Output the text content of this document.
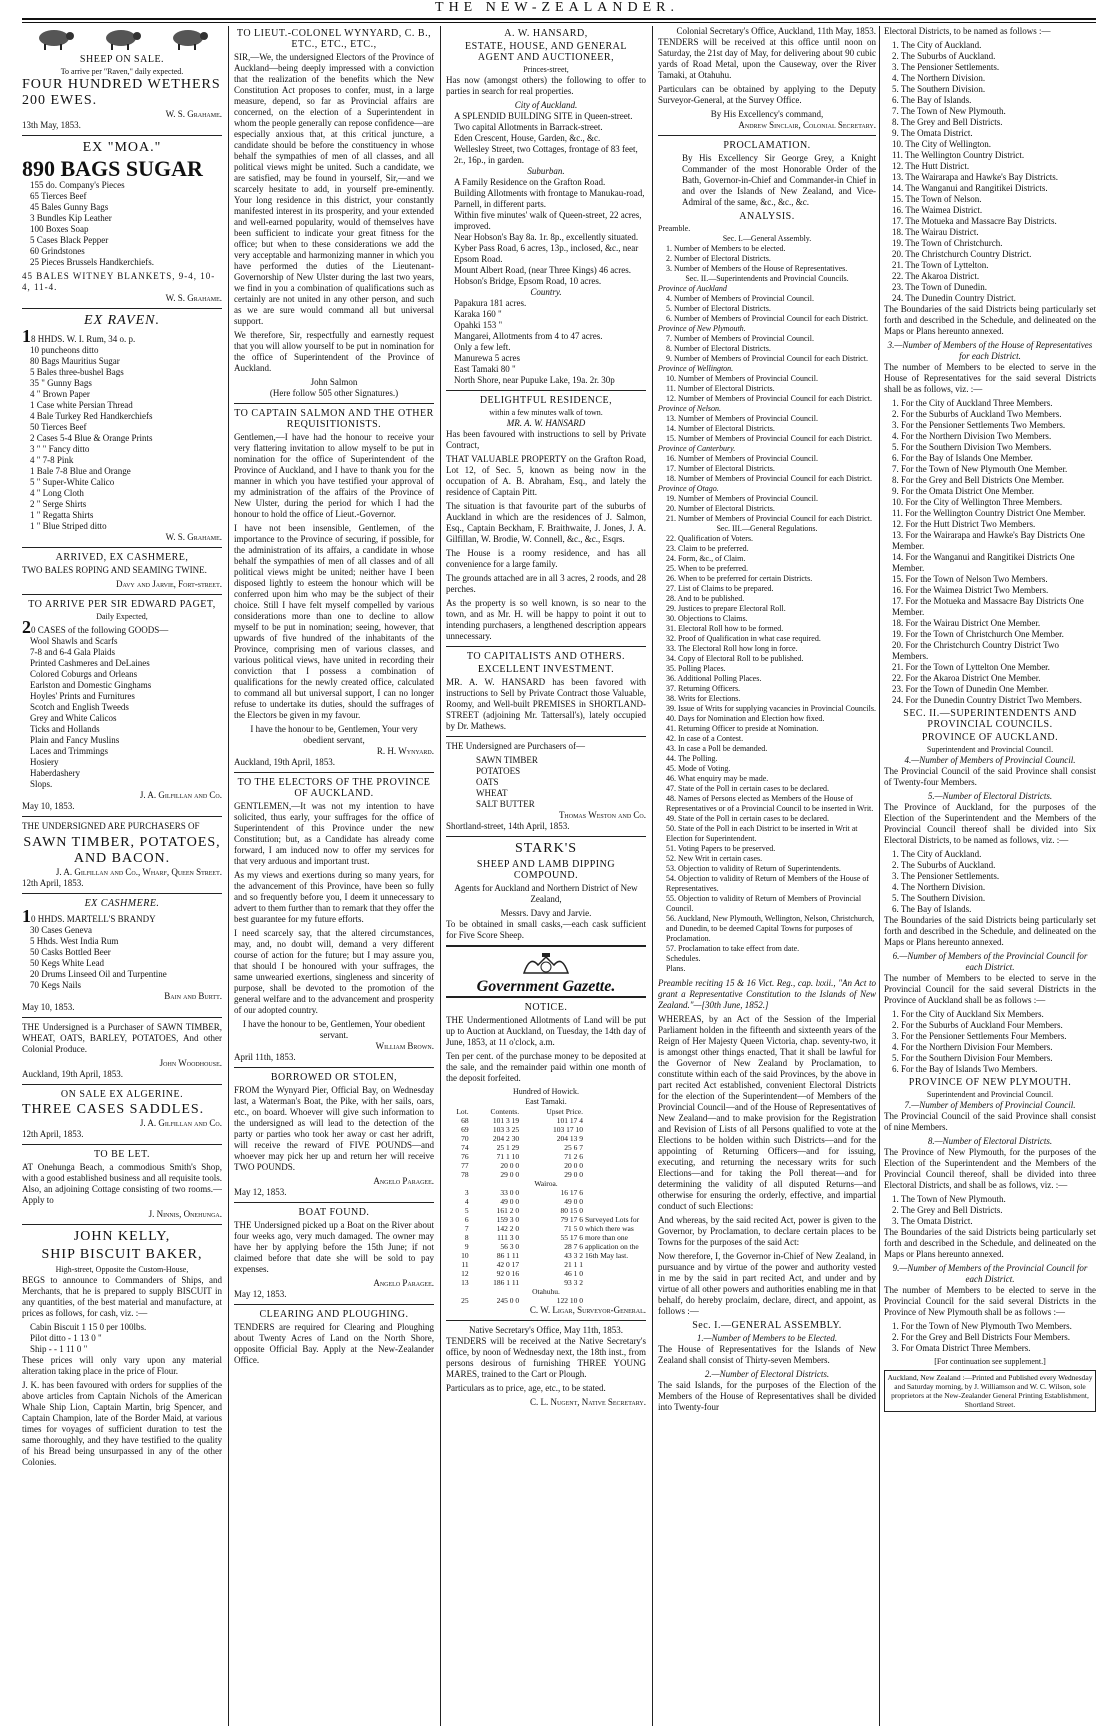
THE NEW-ZEALANDER.
SHEEP ON SALE.
To arrive per "Raven," daily expected.
FOUR HUNDRED WETHERS 200 EWES.
W. S. Grahame.
13th May, 1853.
EX "MOA."
890 BAGS SUGAR
155 do. Company's Pieces
65 Tierces Beef
45 Bales Gunny Bags
3 Bundles Kip Leather
100 Boxes Soap
5 Cases Black Pepper
60 Grindstones
25 Pieces Brussels Handkerchiefs.
45 BALES WITNEY BLANKETS, 9-4, 10-4, 11-4.
W. S. Grahame.
EX RAVEN.
18 HHDS. W. I. Rum, 34 o. p.
10 puncheons ditto
80 Bags Mauritius Sugar
5 Bales three-bushel Bags
35 " Gunny Bags
4 " Brown Paper
1 Case white Persian Thread
4 Bale Turkey Red Handkerchiefs
50 Tierces Beef
2 Cases 5-4 Blue & Orange Prints
3 " " Fancy ditto
4 " 7-8 Pink
1 Bale 7-8 Blue and Orange
5 " Super-White Calico
4 " Long Cloth
2 " Serge Shirts
1 " Regatta Shirts
1 " Blue Striped ditto
W. S. Grahame.
ARRIVED, EX CASHMERE,

TWO BALES ROPING AND SEAMING TWINE.

Davy and Jarvie, Fort-street.
TO ARRIVE PER SIR EDWARD PAGET,
Daily Expected,
20 CASES of the following GOODS—
Wool Shawls and Scarfs
7-8 and 6-4 Gala Plaids
Printed Cashmeres and DeLaines
Colored Coburgs and Orleans
Earlston and Domestic Ginghams
Hoyles' Prints and Furnitures
Scotch and English Tweeds
Grey and White Calicos
Ticks and Hollands
Plain and Fancy Muslins
Laces and Trimmings
Hosiery
Haberdashery
Slops.
J. A. Gilfillan and Co.
May 10, 1853.

THE UNDERSIGNED ARE PURCHASERS OF

SAWN TIMBER, POTATOES, AND BACON.
J. A. Gilfillan and Co., Wharf, Queen Street.
12th April, 1853.
EX CASHMERE.
10 HHDS. MARTELL'S BRANDY
30 Cases Geneva
5 Hhds. West India Rum
50 Casks Bottled Beer
50 Kegs White Lead
20 Drums Linseed Oil and Turpentine
70 Kegs Nails
Bain and Burtt.
May 10, 1853.

THE Undersigned is a Purchaser of SAWN TIMBER, WHEAT, OATS, BARLEY, POTATOES, And other Colonial Produce.

John Woodhouse.
Auckland, 19th April, 1853.
ON SALE EX ALGERINE.
THREE CASES SADDLES.
J. A. Gilfillan and Co.
12th April, 1853.
TO BE LET.

AT Onehunga Beach, a commodious Smith's Shop, with a good established business and all requisite tools. Also, an adjoining Cottage consisting of two rooms.—Apply to

J. Ninnis, Onehunga.
JOHN KELLY,
SHIP BISCUIT BAKER,
High-street, Opposite the Custom-House,

BEGS to announce to Commanders of Ships, and Merchants, that he is prepared to supply BISCUIT in any quantities, of the best material and manufacture, at prices as follows, for cash, viz. :—

Cabin Biscuit 1 15 0 per 100lbs.
Pilot ditto - 1 13 0 "
Ship - - 1 11 0 "

These prices will only vary upon any material alteration taking place in the price of Flour.

J. K. has been favoured with orders for supplies of the above articles from Captain Nichols of the American Whale Ship Lion, Captain Martin, brig Spencer, and Captain Champion, late of the Border Maid, at various times for voyages of sufficient duration to test the same thoroughly, and they have testified to the quality of his Bread being unsurpassed in any of the other Colonies.

TO LIEUT.-COLONEL WYNYARD, C. B., ETC., ETC., ETC.,

SIR,—We, the undersigned Electors of the Province of Auckland—being deeply impressed with a conviction that the realization of the benefits which the New Constitution Act proposes to confer, must, in a large measure, depend, so far as Provincial affairs are concerned, on the election of a Superintendent in whom the people generally can repose confidence—are especially anxious that, at this critical juncture, a candidate should be before the constituency in whose behalf the sympathies of men of all classes, and all political views might be united. Such a candidate, we are satisfied, may be found in yourself, Sir,—and we scarcely hesitate to add, in yourself pre-eminently. Your long residence in this district, your constantly manifested interest in its prosperity, and your extended and well-earned popularity, would of themselves have been sufficient to indicate your great fitness for the office; but when to these considerations we add the very acceptable and harmonizing manner in which you have performed the duties of the Lieutenant-Governorship of New Ulster during the last two years, we find in you a combination of qualifications such as certainly are not united in any other person, and such as we are sure would command all but universal support.

We therefore, Sir, respectfully and earnestly request that you will allow yourself to be put in nomination for the office of Superintendent of the Province of Auckland.

John Salmon
(Here follow 505 other Signatures.)
TO CAPTAIN SALMON AND THE OTHER REQUISITIONISTS.

Gentlemen,—I have had the honour to receive your very flattering invitation to allow myself to be put in nomination for the office of Superintendent of the Province of Auckland, and I have to thank you for the manner in which you have testified your approval of my administration of the affairs of the Province of New Ulster, during the period for which I had the honour to hold the office of Lieut.-Governor.

I have not been insensible, Gentlemen, of the importance to the Province of securing, if possible, for the administration of its affairs, a candidate in whose behalf the sympathies of men of all classes and of all political views might be united; neither have I been disposed lightly to esteem the honour which will be conferred upon him who may be the subject of their choice. Still I have felt myself compelled by various considerations more than one to decline to allow myself to be put in nomination; seeing, however, that upwards of five hundred of the inhabitants of the Province, comprising men of various classes, and various political views, have united in recording their conviction that I possess a combination of qualifications for the newly created office, calculated to command all but universal support, I can no longer refuse to undertake its duties, should the suffrages of the Electors be given in my favour.

I have the honour to be, Gentlemen, Your very obedient servant,
R. H. Wynyard.
Auckland, 19th April, 1853.
TO THE ELECTORS OF THE PROVINCE OF AUCKLAND.

GENTLEMEN,—It was not my intention to have solicited, thus early, your suffrages for the office of Superintendent of this Province under the new Constitution; but, as a Candidate has already come forward, I am induced now to offer my services for that very arduous and important trust.

As my views and exertions during so many years, for the advancement of this Province, have been so fully and so frequently before you, I deem it unnecessary to advert to them further than to remark that they offer the best guarantee for my future efforts.

I need scarcely say, that the altered circumstances, may, and, no doubt will, demand a very different course of action for the future; but I may assure you, that should I be honoured with your suffrages, the same unwearied exertions, singleness and sincerity of purpose, shall be devoted to the promotion of the general welfare and to the advancement and prosperity of our adopted country.

I have the honour to be, Gentlemen, Your obedient servant.
William Brown.
April 11th, 1853.
BORROWED OR STOLEN,

FROM the Wynyard Pier, Official Bay, on Wednesday last, a Waterman's Boat, the Pike, with her sails, oars, etc., on board. Whoever will give such information to the undersigned as will lead to the detection of the party or parties who took her away or cast her adrift, will receive the reward of FIVE POUNDS—and whoever may pick her up and return her will receive TWO POUNDS.

Angelo Paragee.
May 12, 1853.
BOAT FOUND.

THE Undersigned picked up a Boat on the River about four weeks ago, very much damaged. The owner may have her by applying before the 15th June; if not claimed before that date she will be sold to pay expenses.

Angelo Paragee.
May 12, 1853.
CLEARING AND PLOUGHING.

TENDERS are required for Clearing and Ploughing about Twenty Acres of Land on the North Shore, opposite Official Bay. Apply at the New-Zealander Office.

A. W. HANSARD,
ESTATE, HOUSE, AND GENERAL AGENT AND AUCTIONEER,
Princes-street,

Has now (amongst others) the following to offer to parties in search for real properties.

City of Auckland.
A SPLENDID BUILDING SITE in Queen-street.
Two capital Allotments in Barrack-street.
Eden Crescent, House, Garden, &c., &c.
Wellesley Street, two Cottages, frontage of 83 feet, 2r., 16p., in garden.
Suburban.
A Family Residence on the Grafton Road.
Building Allotments with frontage to Manukau-road, Parnell, in different parts.
Within five minutes' walk of Queen-street, 22 acres, improved.
Near Hobson's Bay 8a. 1r. 8p., excellently situated.
Kyber Pass Road, 6 acres, 13p., inclosed, &c., near Epsom Road.
Mount Albert Road, (near Three Kings) 46 acres.
Hobson's Bridge, Epsom Road, 10 acres.
Country.
Papakura 181 acres.
Karaka 160 "
Opahki 153 "
Mangarei, Allotments from 4 to 47 acres.
Only a few left.
Manurewa 5 acres
East Tamaki 80 "
North Shore, near Pupuke Lake, 19a. 2r. 30p
DELIGHTFUL RESIDENCE,
within a few minutes walk of town.
MR. A. W. HANSARD

Has been favoured with instructions to sell by Private Contract,

THAT VALUABLE PROPERTY on the Grafton Road, Lot 12, of Sec. 5, known as being now in the occupation of A. B. Abraham, Esq., and lately the residence of Captain Pitt.

The situation is that favourite part of the suburbs of Auckland in which are the residences of J. Salmon, Esq., Captain Beckham, F. Braithwaite, J. Jones, J. A. Gilfillan, W. Brodie, W. Connell, &c., &c., Esqrs.

The House is a roomy residence, and has all convenience for a large family.

The grounds attached are in all 3 acres, 2 roods, and 28 perches.

As the property is so well known, is so near to the town, and as Mr. H. will be happy to point it out to intending purchasers, a lengthened description appears unnecessary.

TO CAPITALISTS AND OTHERS.
EXCELLENT INVESTMENT.

MR. A. W. HANSARD has been favored with instructions to Sell by Private Contract those Valuable, Roomy, and Well-built PREMISES in SHORTLAND-STREET (adjoining Mr. Tattersall's), lately occupied by Dr. Mathews.

THE Undersigned are Purchasers of—

SAWN TIMBER
POTATOES
OATS
WHEAT
SALT BUTTER
Thomas Weston and Co.
Shortland-street, 14th April, 1853.
STARK'S
SHEEP AND LAMB DIPPING COMPOUND.

Agents for Auckland and Northern District of New Zealand,

Messrs. Davy and Jarvie.

To be obtained in small casks,—each cask sufficient for Five Score Sheep.

Government Gazette.
NOTICE.

THE Undermentioned Allotments of Land will be put up to Auction at Auckland, on Tuesday, the 14th day of June, 1853, at 11 o'clock, a.m.

Ten per cent. of the purchase money to be deposited at the sale, and the remainder paid within one month of the deposit forfeited.

Hundred of Howick.
East Tamaki.
Lot.	Contents.	Upset Price.	
68	101 3 19	101 17 4	
69	103 3 25	103 17 10	
70	204 2 30	204 13 9	
74	25 1 29	25 6 7	
76	71 1 10	71 2 6	
77	20 0 0	20 0 0	
78	29 0 0	29 0 0	
Wairoa.			
3	33 0 0	16 17 6	Surveyed Lots for which there was more than one application on the 16th May last.
4	49 0 0	49 0 0	
5	161 2 0	80 15 0	
6	159 3 0	79 17 6	
7	142 2 0	71 5 0	
8	111 3 0	55 17 6	
9	56 3 0	28 7 6	
10	86 1 11	43 3 2	
11	42 0 17	21 1 1	
12	92 0 16	46 1 0	
13	186 1 11	93 3 2	
Otahuhu.			
25	245 0 0	122 10 0	
C. W. Ligar, Surveyor-General.
Native Secretary's Office, May 11th, 1853.

TENDERS will be received at the Native Secretary's office, by noon of Wednesday next, the 18th inst., from persons desirous of furnishing THREE YOUNG MARES, trained to the Cart or Plough.

Particulars as to price, age, etc., to be stated.

C. L. Nugent, Native Secretary.
Colonial Secretary's Office, Auckland, 11th May, 1853.

TENDERS will be received at this office until noon on Saturday, the 21st day of May, for delivering about 90 cubic yards of Road Metal, upon the Causeway, over the River Tamaki, at Otahuhu.

Particulars can be obtained by applying to the Deputy Surveyor-General, at the Survey Office.

By His Excellency's command,
Andrew Sinclair, Colonial Secretary.
PROCLAMATION.

By His Excellency Sir George Grey, a Knight Commander of the most Honorable Order of the Bath, Governor-in-Chief and Commander-in Chief in and over the Islands of New Zealand, and Vice-Admiral of the same, &c., &c., &c.

ANALYSIS.
Preamble.
Sec. I.—General Assembly.
1. Number of Members to be elected.
2. Number of Electoral Districts.
3. Number of Members of the House of Representatives.
Sec. II.—Superintendents and Provincial Councils.
Province of Auckland
4. Number of Members of Provincial Council.
5. Number of Electoral Districts.
6. Number of Members of Provincial Council for each District.
Province of New Plymouth.
7. Number of Members of Provincial Council.
8. Number of Electoral Districts.
9. Number of Members of Provincial Council for each District.
Province of Wellington.
10. Number of Members of Provincial Council.
11. Number of Electoral Districts.
12. Number of Members of Provincial Council for each District.
Province of Nelson.
13. Number of Members of Provincial Council.
14. Number of Electoral Districts.
15. Number of Members of Provincial Council for each District.
Province of Canterbury.
16. Number of Members of Provincial Council.
17. Number of Electoral Districts.
18. Number of Members of Provincial Council for each District.
Province of Otago.
19. Number of Members of Provincial Council.
20. Number of Electoral Districts.
21. Number of Members of Provincial Council for each District.
Sec. III.—General Regulations.
22. Qualification of Voters.
23. Claim to be preferred.
24. Form, &c., of Claim.
25. When to be preferred.
26. When to be preferred for certain Districts.
27. List of Claims to be prepared.
28. And to be published.
29. Justices to prepare Electoral Roll.
30. Objections to Claims.
31. Electoral Roll how to be formed.
32. Proof of Qualification in what case required.
33. The Electoral Roll how long in force.
34. Copy of Electoral Roll to be published.
35. Polling Places.
36. Additional Polling Places.
37. Returning Officers.
38. Writs for Elections.
39. Issue of Writs for supplying vacancies in Provincial Councils.
40. Days for Nomination and Election how fixed.
41. Returning Officer to preside at Nomination.
42. In case of a Contest.
43. In case a Poll be demanded.
44. The Polling.
45. Mode of Voting.
46. What enquiry may be made.
47. State of the Poll in certain cases to be declared.
48. Names of Persons elected as Members of the House of Representatives or of a Provincial Council to be inserted in Writ.
49. State of the Poll in certain cases to be declared.
50. State of the Poll in each District to be inserted in Writ at Election for Superintendent.
51. Voting Papers to be preserved.
52. New Writ in certain cases.
53. Objection to validity of Return of Superintendents.
54. Objection to validity of Return of Members of the House of Representatives.
55. Objection to validity of Return of Members of Provincial Council.
56. Auckland, New Plymouth, Wellington, Nelson, Christchurch, and Dunedin, to be deemed Capital Towns for purposes of Proclamation.
57. Proclamation to take effect from date.
Schedules.
Plans.

Preamble reciting 15 & 16 Vict. Reg., cap. lxxii., "An Act to grant a Representative Constitution to the Islands of New Zealand."—[30th June, 1852.]

WHEREAS, by an Act of the Session of the Imperial Parliament holden in the fifteenth and sixteenth years of the Reign of Her Majesty Queen Victoria, chap. seventy-two, it is amongst other things enacted, That it shall be lawful for the Governor of New Zealand by Proclamation, to constitute within each of the said Provinces, by the above in part recited Act established, convenient Electoral Districts for the election of the Superintendent—of Members of the Provincial Council—and of the House of Representatives of New Zealand—and to make provision for the Registration and Revision of Lists of all Persons qualified to vote at the Elections to be holden within such Districts—and for the appointing of Returning Officers—and for issuing, executing, and returning the necessary writs for such Elections—and for taking the Poll thereat—and for determining the validity of all disputed Returns—and otherwise for ensuring the orderly, effective, and impartial conduct of such Elections:

And whereas, by the said recited Act, power is given to the Governor, by Proclamation, to declare certain places to be Towns for the purposes of the said Act:

Now therefore, I, the Governor in-Chief of New Zealand, in pursuance and by virtue of the power and authority vested in me by the said in part recited Act, and under and by virtue of all other powers and authorities enabling me in that behalf, do hereby proclaim, declare, direct, and appoint, as follows :—

Sec. I.—GENERAL ASSEMBLY.
1.—Number of Members to be Elected.

The House of Representatives for the Islands of New Zealand shall consist of Thirty-seven Members.

2.—Number of Electoral Districts.

The said Islands, for the purposes of the Election of the Members of the House of Representatives shall be divided into Twenty-four

Electoral Districts, to be named as follows :—

1. The City of Auckland.
2. The Suburbs of Auckland.
3. The Pensioner Settlements.
4. The Northern Division.
5. The Southern Division.
6. The Bay of Islands.
7. The Town of New Plymouth.
8. The Grey and Bell Districts.
9. The Omata District.
10. The City of Wellington.
11. The Wellington Country District.
12. The Hutt District.
13. The Wairarapa and Hawke's Bay Districts.
14. The Wanganui and Rangitikei Districts.
15. The Town of Nelson.
16. The Waimea District.
17. The Motueka and Massacre Bay Districts.
18. The Wairau District.
19. The Town of Christchurch.
20. The Christchurch Country District.
21. The Town of Lyttelton.
22. The Akaroa District.
23. The Town of Dunedin.
24. The Dunedin Country District.

The Boundaries of the said Districts being particularly set forth and described in the Schedule, and delineated on the Maps or Plans hereunto annexed.

3.—Number of Members of the House of Representatives for each District.

The number of Members to be elected to serve in the House of Representatives for the said several Districts shall be as follows, viz. :—

1. For the City of Auckland Three Members.
2. For the Suburbs of Auckland Two Members.
3. For the Pensioner Settlements Two Members.
4. For the Northern Division Two Members.
5. For the Southern Division Two Members.
6. For the Bay of Islands One Member.
7. For the Town of New Plymouth One Member.
8. For the Grey and Bell Districts One Member.
9. For the Omata District One Member.
10. For the City of Wellington Three Members.
11. For the Wellington Country District One Member.
12. For the Hutt District Two Members.
13. For the Wairarapa and Hawke's Bay Districts One Member.
14. For the Wanganui and Rangitikei Districts One Member.
15. For the Town of Nelson Two Members.
16. For the Waimea District Two Members.
17. For the Motueka and Massacre Bay Districts One Member.
18. For the Wairau District One Member.
19. For the Town of Christchurch One Member.
20. For the Christchurch Country District Two Members.
21. For the Town of Lyttelton One Member.
22. For the Akaroa District One Member.
23. For the Town of Dunedin One Member.
24. For the Dunedin Country District Two Members.
SEC. II.—SUPERINTENDENTS AND PROVINCIAL COUNCILS.
PROVINCE OF AUCKLAND.
Superintendent and Provincial Council.
4.—Number of Members of Provincial Council.

The Provincial Council of the said Province shall consist of Twenty-four Members.

5.—Number of Electoral Districts.

The Province of Auckland, for the purposes of the Election of the Superintendent and the Members of the Provincial Council thereof shall be divided into Six Electoral Districts, to be named as follows, viz. :—

1. The City of Auckland.
2. The Suburbs of Auckland.
3. The Pensioner Settlements.
4. The Northern Division.
5. The Southern Division.
6. The Bay of Islands.

The Boundaries of the said Districts being particularly set forth and described in the Schedule, and delineated on the Maps or Plans hereunto annexed.

6.—Number of Members of the Provincial Council for each District.

The number of Members to be elected to serve in the Provincial Council for the said several Districts in the Province of Auckland shall be as follows :—

1. For the City of Auckland Six Members.
2. For the Suburbs of Auckland Four Members.
3. For the Pensioner Settlements Four Members.
4. For the Northern Division Four Members.
5. For the Southern Division Four Members.
6. For the Bay of Islands Two Members.
PROVINCE OF NEW PLYMOUTH.
Superintendent and Provincial Council.
7.—Number of Members of Provincial Council.

The Provincial Council of the said Province shall consist of nine Members.

8.—Number of Electoral Districts.

The Province of New Plymouth, for the purposes of the Election of the Superintendent and the Members of the Provincial Council thereof, shall be divided into three Electoral Districts, and shall be as follows, viz. :—

1. The Town of New Plymouth.
2. The Grey and Bell Districts.
3. The Omata District.

The Boundaries of the said Districts being particularly set forth and described in the Schedule, and delineated on the Maps or Plans hereunto annexed.

9.—Number of Members of the Provincial Council for each District.

The number of Members to be elected to serve in the Provincial Council for the said several Districts in the Province of New Plymouth shall be as follows :—

1. For the Town of New Plymouth Two Members.
2. For the Grey and Bell Districts Four Members.
3. For Omata District Three Members.
[For continuation see supplement.]
Auckland, New Zealand :—Printed and Published every Wednesday and Saturday morning, by J. Williamson and W. C. Wilson, sole proprietors at the New-Zealander General Printing Establishment, Shortland Street.
